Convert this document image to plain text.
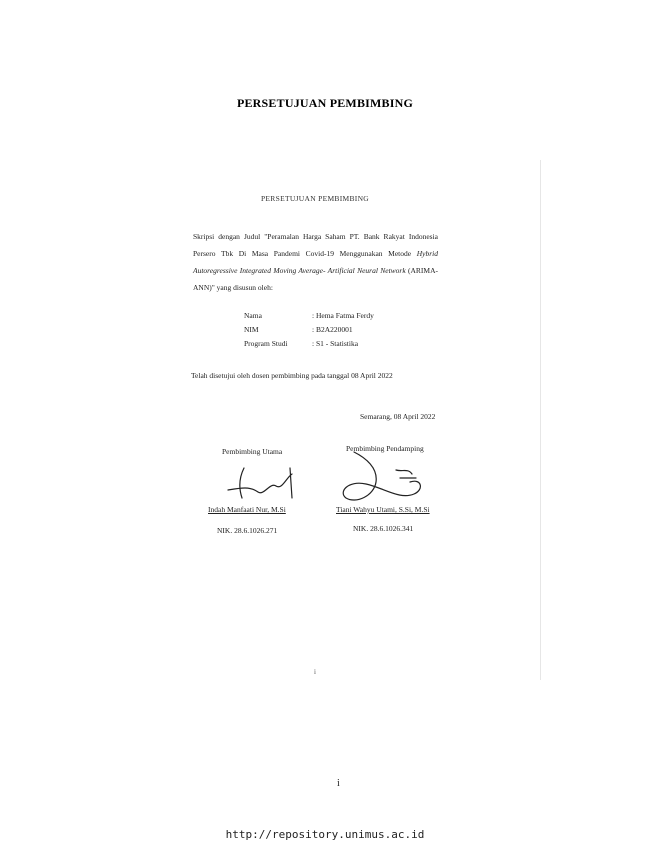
PERSETUJUAN PEMBIMBING
PERSETUJUAN PEMBIMBING
Skripsi dengan Judul "Peramalan Harga Saham PT. Bank Rakyat Indonesia Persero Tbk Di Masa Pandemi Covid-19 Menggunakan Metode Hybrid Autoregressive Integrated Moving Average- Artificial Neural Network (ARIMA-ANN)" yang disusun oleh:
Nama	: Hema Fatma Ferdy
NIM	: B2A220001
Program Studi	: S1 - Statistika
Telah disetujui oleh dosen pembimbing pada tanggal 08 April 2022
Semarang, 08 April 2022
Pembimbing Utama	Pembimbing Pendamping
Indah Manfaati Nur, M.Si	Tiani Wahyu Utami, S.Si, M.Si
NIK. 28.6.1026.271	NIK. 28.6.1026.341
i
i
http://repository.unimus.ac.id
